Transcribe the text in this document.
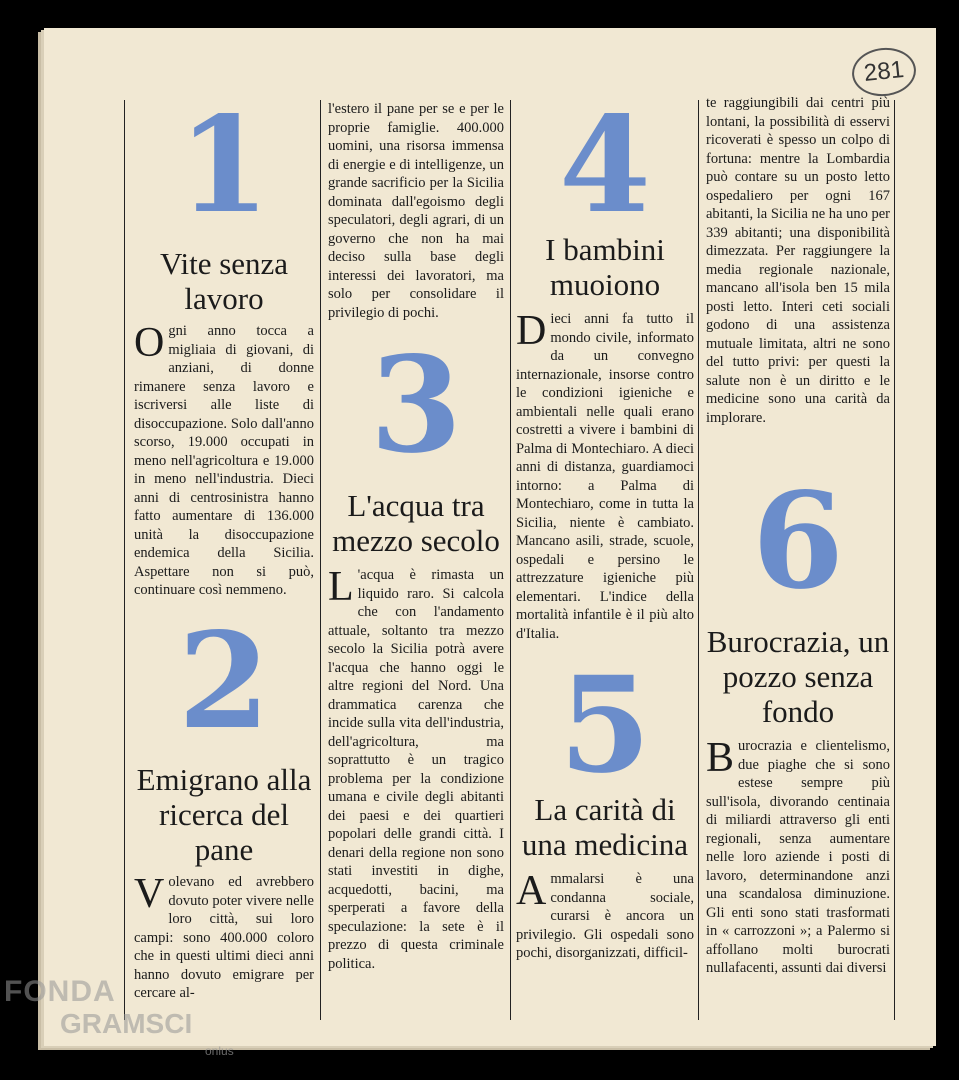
281
1
Vite senza lavoro

Ogni anno tocca a migliaia di giovani, di anziani, di donne rimanere senza lavoro e iscriversi alle liste di disoccupazione. Solo dall'anno scorso, 19.000 occupati in meno nell'agricoltura e 19.000 in meno nell'industria. Dieci anni di centrosinistra hanno fatto aumentare di 136.000 unità la disoccupazione endemica della Sicilia. Aspettare non si può, continuare così nemmeno.

2
Emigrano alla ricerca del pane

Volevano ed avrebbero dovuto poter vivere nelle loro città, sui loro campi: sono 400.000 coloro che in questi ultimi dieci anni hanno dovuto emigrare per cercare al-

l'estero il pane per se e per le proprie famiglie. 400.000 uomini, una risorsa immensa di energie e di intelligenze, un grande sacrificio per la Sicilia dominata dall'egoismo degli speculatori, degli agrari, di un governo che non ha mai deciso sulla base degli interessi dei lavoratori, ma solo per consolidare il privilegio di pochi.

3
L'acqua tra mezzo secolo

L 'acqua è rimasta un liquido raro. Si calcola che con l'andamento attuale, soltanto tra mezzo secolo la Sicilia potrà avere l'acqua che hanno oggi le altre regioni del Nord. Una drammatica carenza che incide sulla vita dell'industria, dell'agricoltura, ma soprattutto è un tragico problema per la condizione umana e civile degli abitanti dei paesi e dei quartieri popolari delle grandi città. I denari della regione non sono stati investiti in dighe, acquedotti, bacini, ma sperperati a favore della speculazione: la sete è il prezzo di questa criminale politica.

4
I bambini muoiono

Dieci anni fa tutto il mondo civile, informato da un convegno internazionale, insorse contro le condizioni igieniche e ambientali nelle quali erano costretti a vivere i bambini di Palma di Montechiaro. A dieci anni di distanza, guardiamoci intorno: a Palma di Montechiaro, come in tutta la Sicilia, niente è cambiato. Mancano asili, strade, scuole, ospedali e persino le attrezzature igieniche più elementari. L'indice della mortalità infantile è il più alto d'Italia.

5
La carità di una medicina

Ammalarsi è una condanna sociale, curarsi è ancora un privilegio. Gli ospedali sono pochi, disorganizzati, difficil-

te raggiungibili dai centri più lontani, la possibilità di esservi ricoverati è spesso un colpo di fortuna: mentre la Lombardia può contare su un posto letto ospedaliero per ogni 167 abitanti, la Sicilia ne ha uno per 339 abitanti; una disponibilità dimezzata. Per raggiungere la media regionale nazionale, mancano all'isola ben 15 mila posti letto. Interi ceti sociali godono di una assistenza mutuale limitata, altri ne sono del tutto privi: per questi la salute non è un diritto e le medicine sono una carità da implorare.

6
Burocrazia, un pozzo senza fondo

Burocrazia e clientelismo, due piaghe che si sono estese sempre più sull'isola, divorando centinaia di miliardi attraverso gli enti regionali, senza aumentare nelle loro aziende i posti di lavoro, determinandone anzi una scandalosa diminuzione. Gli enti sono stati trasformati in « carrozzoni »; a Palermo si affollano molti burocrati nullafacenti, assunti dai diversi

FONDA
GRAMSCI
onlus
